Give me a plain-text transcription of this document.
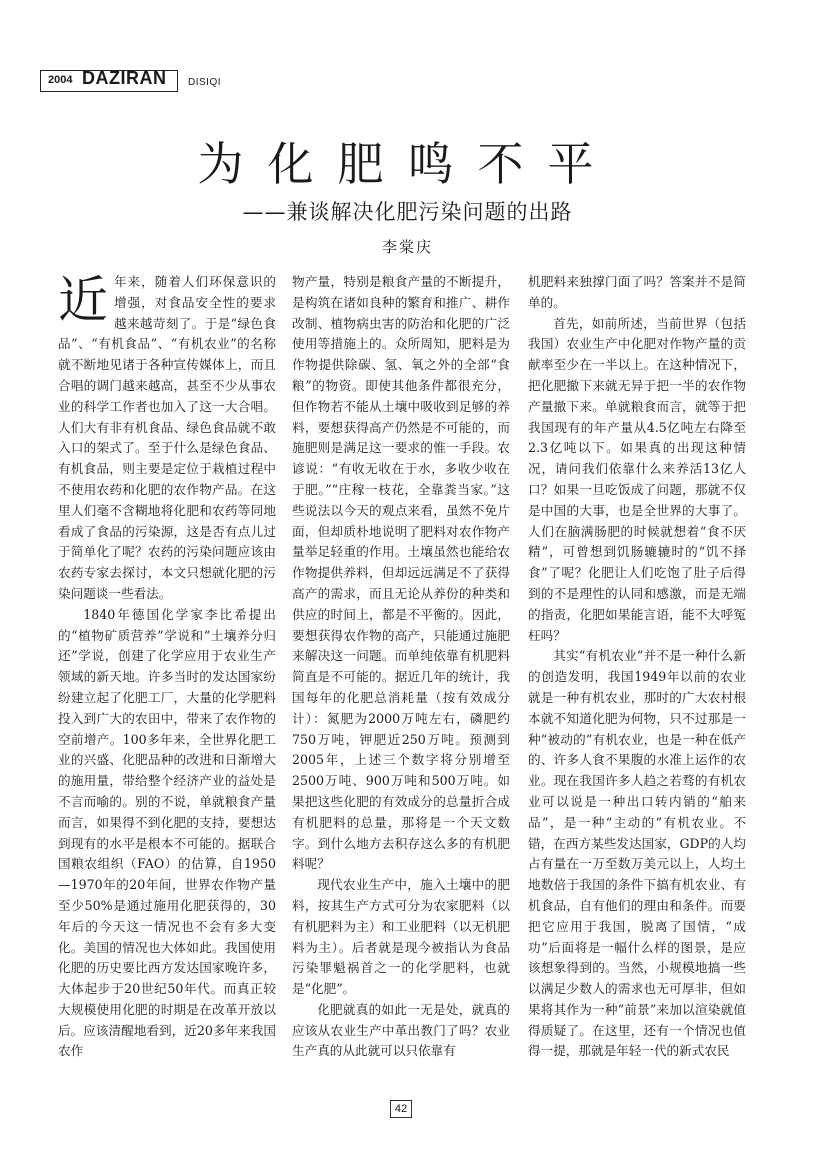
2004 DAZIRAN DISIQI
为化肥鸣不平
——兼谈解决化肥污染问题的出路
李棠庆
近 年来，随着人们环保意识的增强，对食品安全性的要求越来越苛刻了。于是“绿色食品”、“有机食品”、“有机农业”的名称就不断地见诸于各种宣传媒体上，而且合唱的调门越来越高，甚至不少从事农业的科学工作者也加入了这一大合唱。人们大有非有机食品、绿色食品就不敢入口的架式了。至于什么是绿色食品、有机食品，则主要是定位于栽植过程中不使用农药和化肥的农作物产品。在这里人们毫不含糊地将化肥和农药等同地看成了食品的污染源，这是否有点儿过于简单化了呢？农药的污染问题应该由农药专家去探讨，本文只想就化肥的污染问题谈一些看法。

1840年德国化学家李比希提出的“植物矿质营养”学说和“土壤养分归还”学说，创建了化学应用于农业生产领域的新天地。许多当时的发达国家纷纷建立起了化肥工厂，大量的化学肥料投入到广大的农田中，带来了农作物的空前增产。100多年来，全世界化肥工业的兴盛、化肥品种的改进和日渐增大的施用量，带给整个经济产业的益处是不言而喻的。别的不说，单就粮食产量而言，如果得不到化肥的支持，要想达到现有的水平是根本不可能的。据联合国粮农组织（FAO）的估算，自1950—1970年的20年间，世界农作物产量至少50%是通过施用化肥获得的，30年后的今天这一情况也不会有多大变化。美国的情况也大体如此。我国使用化肥的历史要比西方发达国家晚许多，大体起步于20世纪50年代。而真正较大规模使用化肥的时期是在改革开放以后。应该清醒地看到，近20多年来我国农作

物产量，特别是粮食产量的不断提升，是构筑在诸如良种的繁育和推广、耕作改制、植物病虫害的防治和化肥的广泛使用等措施上的。众所周知，肥料是为作物提供除碳、氢、氧之外的全部“食粮”的物资。即使其他条件都很充分，但作物若不能从土壤中吸收到足够的养料，要想获得高产仍然是不可能的，而施肥则是满足这一要求的惟一手段。农谚说：“有收无收在于水，多收少收在于肥。”“庄稼一枝花，全靠粪当家。”这些说法以今天的观点来看，虽然不免片面，但却质朴地说明了肥料对农作物产量举足轻重的作用。土壤虽然也能给农作物提供养料，但却远远满足不了获得高产的需求，而且无论从养份的种类和供应的时间上，都是不平衡的。因此，要想获得农作物的高产，只能通过施肥来解决这一问题。而单纯依靠有机肥料简直是不可能的。据近几年的统计，我国每年的化肥总消耗量（按有效成分计）：氮肥为2000万吨左右，磷肥约750万吨，钾肥近250万吨。预测到2005年，上述三个数字将分别增至2500万吨、900万吨和500万吨。如果把这些化肥的有效成分的总量折合成有机肥料的总量，那将是一个天文数字。到什么地方去积存这么多的有机肥料呢？

现代农业生产中，施入土壤中的肥料，按其生产方式可分为农家肥料（以有机肥料为主）和工业肥料（以无机肥料为主）。后者就是现今被指认为食品污染罪魁祸首之一的化学肥料，也就是“化肥”。

化肥就真的如此一无是处，就真的应该从农业生产中革出教门了吗？农业生产真的从此就可以只依靠有

机肥料来独撑门面了吗？答案并不是简单的。

首先，如前所述，当前世界（包括我国）农业生产中化肥对作物产量的贡献率至少在一半以上。在这种情况下，把化肥撤下来就无异于把一半的农作物产量撤下来。单就粮食而言，就等于把我国现有的年产量从4.5亿吨左右降至2.3亿吨以下。如果真的出现这种情况，请问我们依靠什么来养活13亿人口？如果一旦吃饭成了问题，那就不仅是中国的大事，也是全世界的大事了。人们在脑满肠肥的时候就想着“食不厌精”，可曾想到饥肠辘辘时的“饥不择食”了呢？化肥让人们吃饱了肚子后得到的不是理性的认同和感激，而是无端的指责，化肥如果能言语，能不大呼冤枉吗？

其实“有机农业”并不是一种什么新的创造发明，我国1949年以前的农业就是一种有机农业，那时的广大农村根本就不知道化肥为何物，只不过那是一种“被动的”有机农业，也是一种在低产的、许多人食不果腹的水准上运作的农业。现在我国许多人趋之若骛的有机农业可以说是一种出口转内销的“舶来品”，是一种“主动的”有机农业。不错，在西方某些发达国家，GDP的人均占有量在一万至数万美元以上，人均土地数倍于我国的条件下搞有机农业、有机食品，自有他们的理由和条件。而要把它应用于我国，脱离了国情，“成功”后面将是一幅什么样的图景，是应该想象得到的。当然，小规模地搞一些以满足少数人的需求也无可厚非，但如果将其作为一种“前景”来加以渲染就值得质疑了。在这里，还有一个情况也值得一提，那就是年轻一代的新式农民

42
